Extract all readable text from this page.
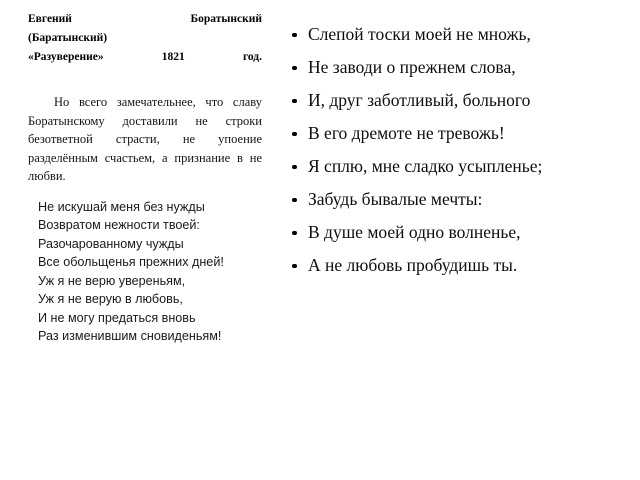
Евгений Боратынский
(Баратынский)
«Разуверение» 1821 год.
Но всего замечательнее, что славу Боратынскому доставили не строки безответной страсти, не упоение разделённым счастьем, а признание в не любви.
Не искушай меня без нужды
Возвратом нежности твоей:
Разочарованному чужды
Все обольщенья прежних дней!
Уж я не верю увереньям,
Уж я не верую в любовь,
И не могу предаться вновь
Раз изменившим сновиденьям!
Слепой тоски моей не множь,
Не заводи о прежнем слова,
И, друг заботливый, больного
В его дремоте не тревожь!
Я сплю, мне сладко усыпленье;
Забудь бывалые мечты:
В душе моей одно волненье,
А не любовь пробудишь ты.
